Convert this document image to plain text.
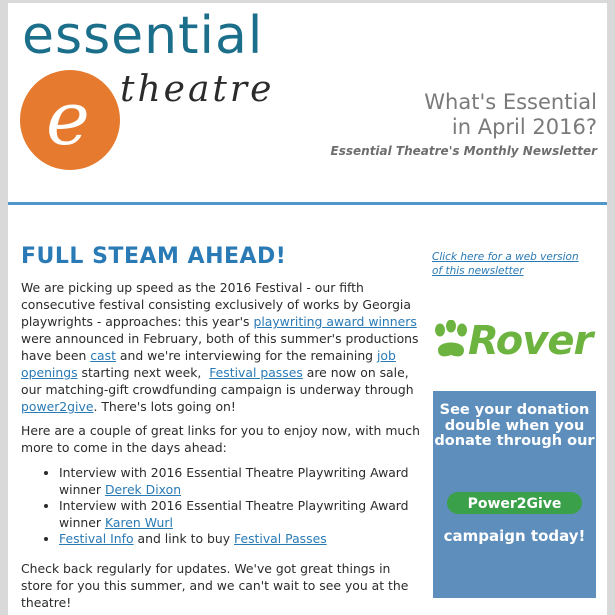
essential
e theatre	What's Essential
in April 2016?
Essential Theatre's Monthly Newsletter
FULL STEAM AHEAD!
We are picking up speed as the 2016 Festival - our fifth consecutive festival consisting exclusively of works by Georgia playwrights - approaches: this year's playwriting award winners were announced in February, both of this summer's productions have been cast and we're interviewing for the remaining job openings starting next week,  Festival passes are now on sale, our matching-gift crowdfunding campaign is underway through power2give. There's lots going on!
Here are a couple of great links for you to enjoy now, with much more to come in the days ahead:
• Interview with 2016 Essential Theatre Playwriting Award winner Derek Dixon
• Interview with 2016 Essential Theatre Playwriting Award winner Karen Wurl
• Festival Info and link to buy Festival Passes
Check back regularly for updates. We've got great things in store for you this summer, and we can't wait to see you at the theatre!
Click here for a web version of this newsletter
Rover
See your donation double when you donate through our
Power2Give
campaign today!
